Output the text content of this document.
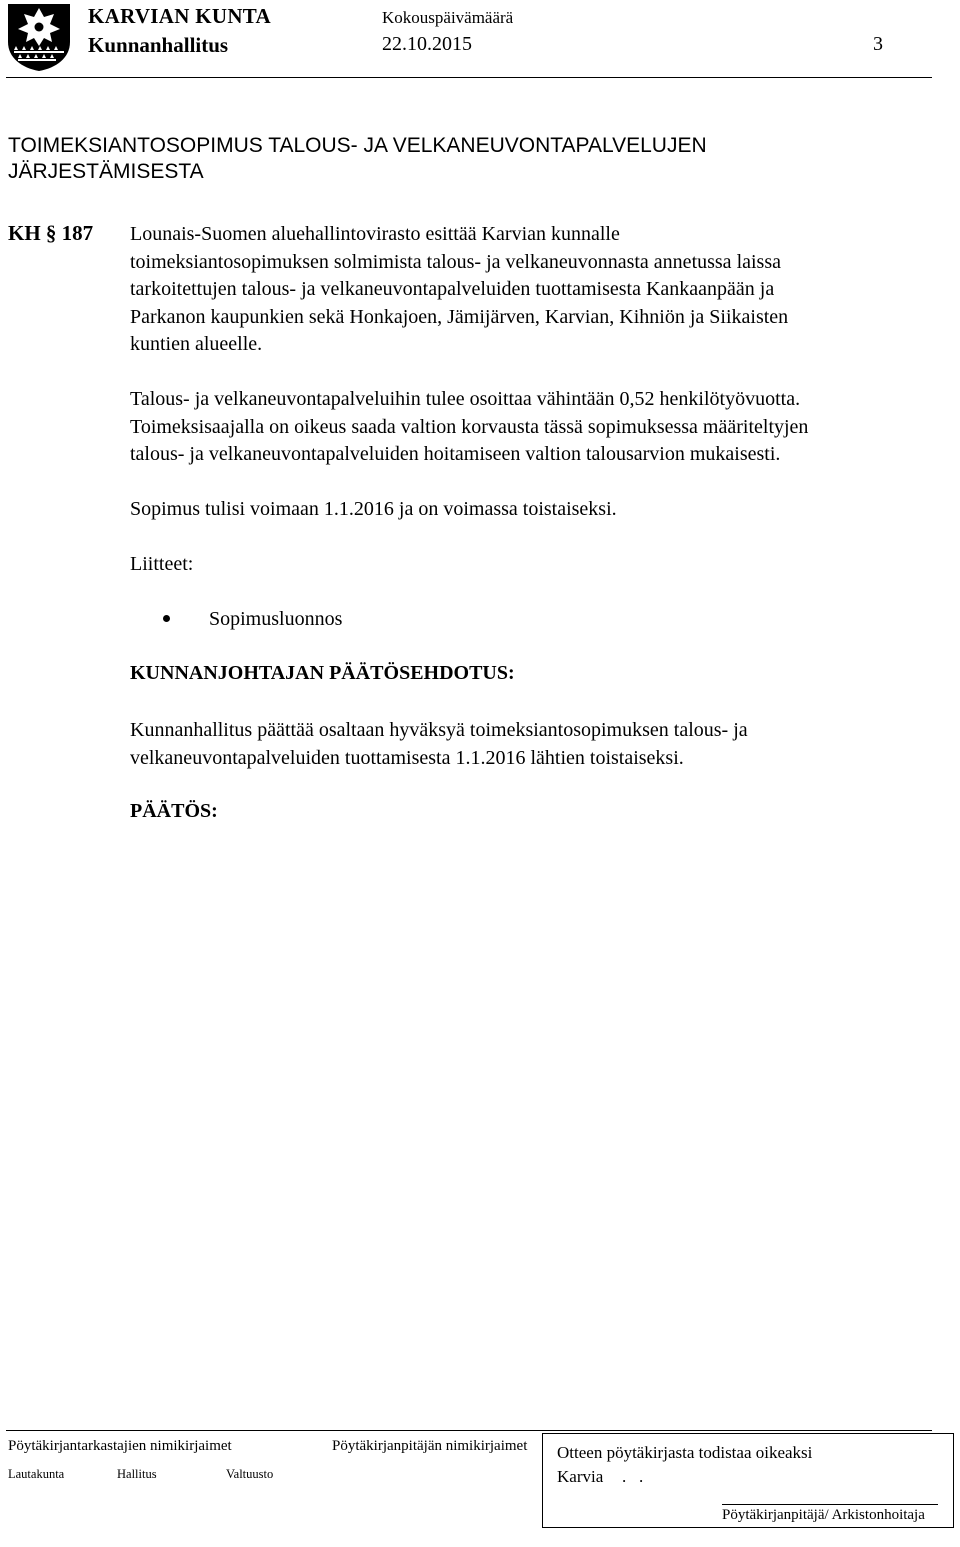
KARVIAN KUNTA
Kunnanhallitus
Kokouspäivämäärä
22.10.2015	3
TOIMEKSIANTOSOPIMUS TALOUS- JA VELKANEUVONTAPALVELUJEN
JÄRJESTÄMISESTA
KH § 187 Lounais-Suomen aluehallintovirasto esittää Karvian kunnalle
toimeksiantosopimuksen solmimista talous- ja velkaneuvonnasta annetussa laissa
tarkoitettujen talous- ja velkaneuvontapalveluiden tuottamisesta Kankaanpään ja
Parkanon kaupunkien sekä Honkajoen, Jämijärven, Karvian, Kihniön ja Siikaisten
kuntien alueelle.
Talous- ja velkaneuvontapalveluihin tulee osoittaa vähintään 0,52 henkilötyövuotta.
Toimeksisaajalla on oikeus saada valtion korvausta tässä sopimuksessa määriteltyjen
talous- ja velkaneuvontapalveluiden hoitamiseen valtion talousarvion mukaisesti.
Sopimus tulisi voimaan 1.1.2016 ja on voimassa toistaiseksi.
Liitteet:
Sopimusluonnos
KUNNANJOHTAJAN PÄÄTÖSEHDOTUS:
Kunnanhallitus päättää osaltaan hyväksyä toimeksiantosopimuksen talous- ja
velkaneuvontapalveluiden tuottamisesta 1.1.2016 lähtien toistaiseksi.
PÄÄTÖS:
Pöytäkirjantarkastajien nimikirjaimet	Pöytäkirjanpitäjän nimikirjaimet
Lautakunta	Hallitus	Valtuusto
Otteen pöytäkirjasta todistaa oikeaksi
Karvia .   .
Pöytäkirjanpitäjä/ Arkistonhoitaja
